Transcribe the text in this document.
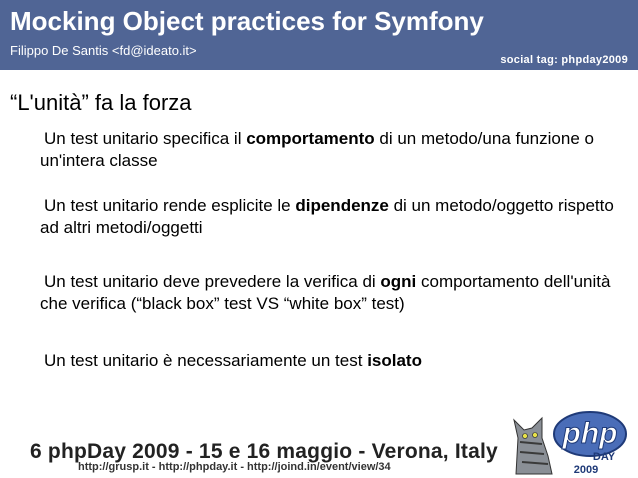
Mocking Object practices for Symfony
Filippo De Santis <fd@ideato.it>
social tag: phpday2009
“L'unità” fa la forza
Un test unitario specifica il comportamento di un metodo/una funzione o un'intera classe
Un test unitario rende esplicite le dipendenze di un metodo/oggetto rispetto ad altri metodi/oggetti
Un test unitario deve prevedere la verifica di ogni comportamento dell'unità che verifica (“black box” test VS “white box” test)
Un test unitario è necessariamente un test isolato
6 phpDay 2009 - 15 e 16 maggio - Verona, Italy
http://grusp.it - http://phpday.it - http://joind.in/event/view/34
php
DAY
2009
